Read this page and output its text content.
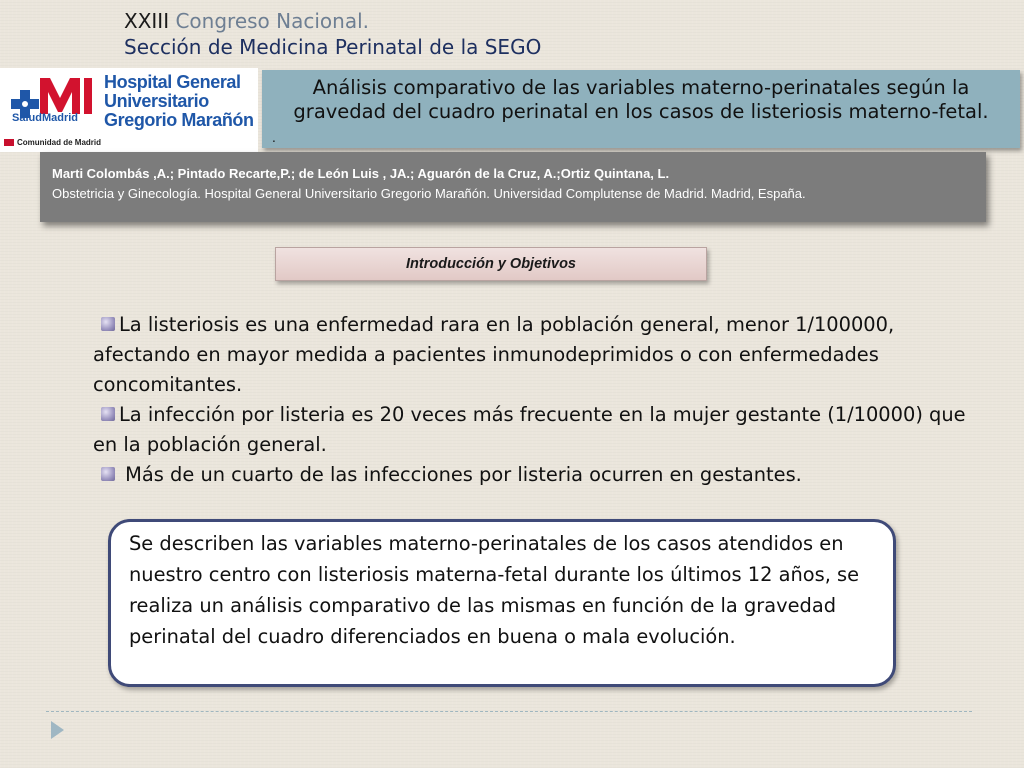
XXIII Congreso Nacional.
Sección de Medicina Perinatal de la SEGO
Hospital General
Universitario
Gregorio Marañón
SaludMadrid
Comunidad de Madrid
Análisis comparativo de las variables materno-perinatales según la gravedad del cuadro perinatal en los casos de listeriosis materno-fetal.
.
Marti Colombás ,A.; Pintado Recarte,P.; de León Luis , JA.; Aguarón de la Cruz, A.;Ortiz Quintana, L.
Obstetricia y Ginecología. Hospital General Universitario Gregorio Marañón. Universidad Complutense de Madrid. Madrid, España.
Introducción y Objetivos

La listeriosis es una enfermedad rara en la población general, menor 1/100000, afectando en mayor medida a pacientes inmunodeprimidos o con enfermedades concomitantes.

La infección por listeria es 20 veces más frecuente en la mujer gestante (1/10000) que en la población general.

Más de un cuarto de las infecciones por listeria ocurren en gestantes.

Se describen las variables materno-perinatales de los casos atendidos en nuestro centro con listeriosis materna-fetal durante los últimos 12 años, se realiza un análisis comparativo de las mismas en función de la gravedad perinatal del cuadro diferenciados en buena o mala evolución.
